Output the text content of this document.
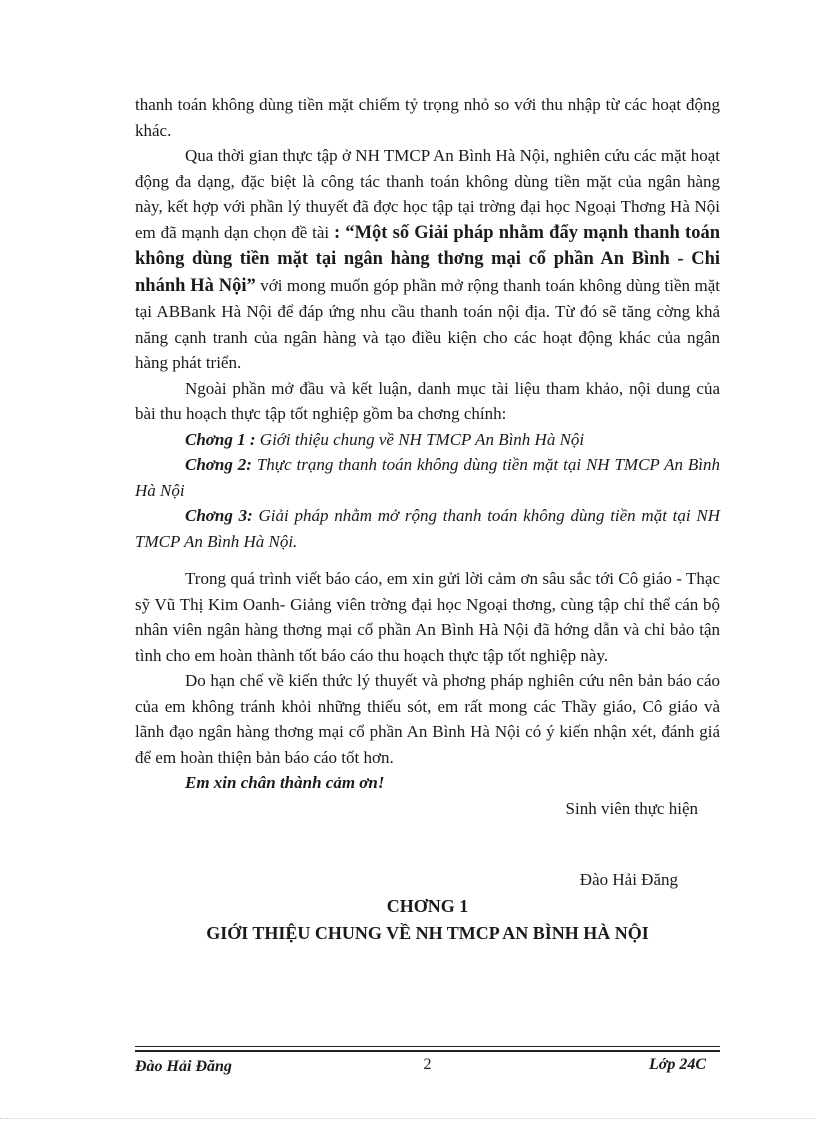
thanh toán không dùng tiền mặt chiếm tỷ trọng nhỏ so với thu nhập từ các hoạt động khác.

Qua thời gian thực tập ở NH TMCP An Bình Hà Nội, nghiên cứu các mặt hoạt động đa dạng, đặc biệt là công tác thanh toán không dùng tiền mặt của ngân hàng này, kết hợp với phần lý thuyết đã đợc học tập tại trờng đại học Ngoại Thơng Hà Nội em đã mạnh dạn chọn đề tài : “Một số Giải pháp nhằm đẩy mạnh thanh toán không dùng tiền mặt tại ngân hàng thơng mại cổ phần An Bình - Chi nhánh Hà Nội” với mong muốn góp phần mở rộng thanh toán không dùng tiền mặt tại ABBank Hà Nội để đáp ứng nhu cầu thanh toán nội địa. Từ đó sẽ tăng cờng khả năng cạnh tranh của ngân hàng và tạo điều kiện cho các hoạt động khác của ngân hàng phát triển.

Ngoài phần mở đầu và kết luận, danh mục tài liệu tham khảo, nội dung của bài thu hoạch thực tập tốt nghiệp gồm ba chơng chính:

Chơng 1 : Giới thiệu chung về NH TMCP An Bình Hà Nội

Chơng 2: Thực trạng thanh toán không dùng tiền mặt tại NH TMCP An Bình Hà Nội

Chơng 3: Giải pháp nhằm mở rộng thanh toán không dùng tiền mặt tại NH TMCP An Bình Hà Nội.

Trong quá trình viết báo cáo, em xin gửi lời cảm ơn sâu sắc tới Cô giáo - Thạc sỹ Vũ Thị Kim Oanh- Giảng viên trờng đại học Ngoại thơng, cùng tập chỉ thể cán bộ nhân viên ngân hàng thơng mại cổ phần An Bình Hà Nội đã hớng dẫn và chỉ bảo tận tình cho em hoàn thành tốt báo cáo thu hoạch thực tập tốt nghiệp này.

Do hạn chế về kiến thức lý thuyết và phơng pháp nghiên cứu nên bản báo cáo của em không tránh khỏi những thiếu sót, em rất mong các Thầy giáo, Cô giáo và lãnh đạo ngân hàng thơng mại cổ phần An Bình Hà Nội có ý kiến nhận xét, đánh giá để em hoàn thiện bản báo cáo tốt hơn.

Em xin chân thành cảm ơn!

Sinh viên thực hiện

Đào Hải Đăng

CHƠNG 1

GIỚI THIỆU CHUNG VỀ NH TMCP AN BÌNH HÀ NỘI

Đào Hải Đăng	2	Lớp 24C
